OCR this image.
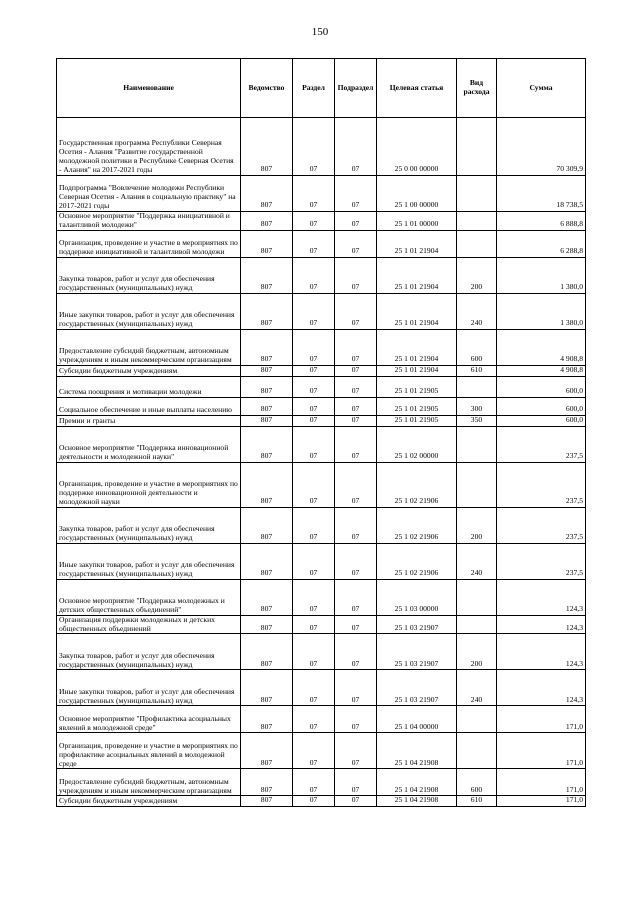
150
Наименование	Ведомство	Раздел	Подраздел	Целевая статья	Вид расхода	Сумма
Государственная программа Республики Северная Осетия - Алания "Развитие государственной молодежной политики в Республике Северная Осетия - Алания" на 2017-2021 годы	807	07	07	25 0 00 00000		70 309,9
Подпрограмма "Вовлечение молодежи Республики Северная Осетия - Алания в социальную практику" на 2017-2021 годы	807	07	07	25 1 00 00000		18 738,5
Основное мероприятие "Поддержка инициативной и талантливой молодежи"	807	07	07	25 1 01 00000		6 888,8
Организация, проведение и участие в мероприятиях по поддержке инициативной и талантливой молодежи	807	07	07	25 1 01 21904		6 288,8
Закупка товаров, работ и услуг для обеспечения государственных (муниципальных) нужд	807	07	07	25 1 01 21904	200	1 380,0
Иные закупки товаров, работ и услуг для обеспечения государственных (муниципальных) нужд	807	07	07	25 1 01 21904	240	1 380,0
Предоставление субсидий бюджетным, автономным учреждениям и иным некоммерческим организациям	807	07	07	25 1 01 21904	600	4 908,8
Субсидии бюджетным учреждениям	807	07	07	25 1 01 21904	610	4 908,8
Система поощрения и мотивации молодежи	807	07	07	25 1 01 21905		600,0
Социальное обеспечение и иные выплаты населению	807	07	07	25 1 01 21905	300	600,0
Премии и гранты	807	07	07	25 1 01 21905	350	600,0
Основное мероприятие "Поддержка инновационной деятельности и молодежной науки"	807	07	07	25 1 02 00000		237,5
Организация, проведение и участие в мероприятиях по поддержке инновационной деятельности и молодежной науки	807	07	07	25 1 02 21906		237,5
Закупка товаров, работ и услуг для обеспечения государственных (муниципальных) нужд	807	07	07	25 1 02 21906	200	237,5
Иные закупки товаров, работ и услуг для обеспечения государственных (муниципальных) нужд	807	07	07	25 1 02 21906	240	237,5
Основное мероприятие "Поддержка молодежных и детских общественных объединений"	807	07	07	25 1 03 00000		124,3
Организация поддержки молодежных и детских общественных объединений	807	07	07	25 1 03 21907		124,3
Закупка товаров, работ и услуг для обеспечения государственных (муниципальных) нужд	807	07	07	25 1 03 21907	200	124,3
Иные закупки товаров, работ и услуг для обеспечения государственных (муниципальных) нужд	807	07	07	25 1 03 21907	240	124,3
Основное мероприятие "Профилактика асоциальных явлений в молодежной среде"	807	07	07	25 1 04 00000		171,0
Организация, проведение и участие в мероприятиях по профилактике асоциальных явлений в молодежной среде	807	07	07	25 1 04 21908		171,0
Предоставление субсидий бюджетным, автономным учреждениям и иным некоммерческим организациям	807	07	07	25 1 04 21908	600	171,0
Субсидии бюджетным учреждениям	807	07	07	25 1 04 21908	610	171,0
